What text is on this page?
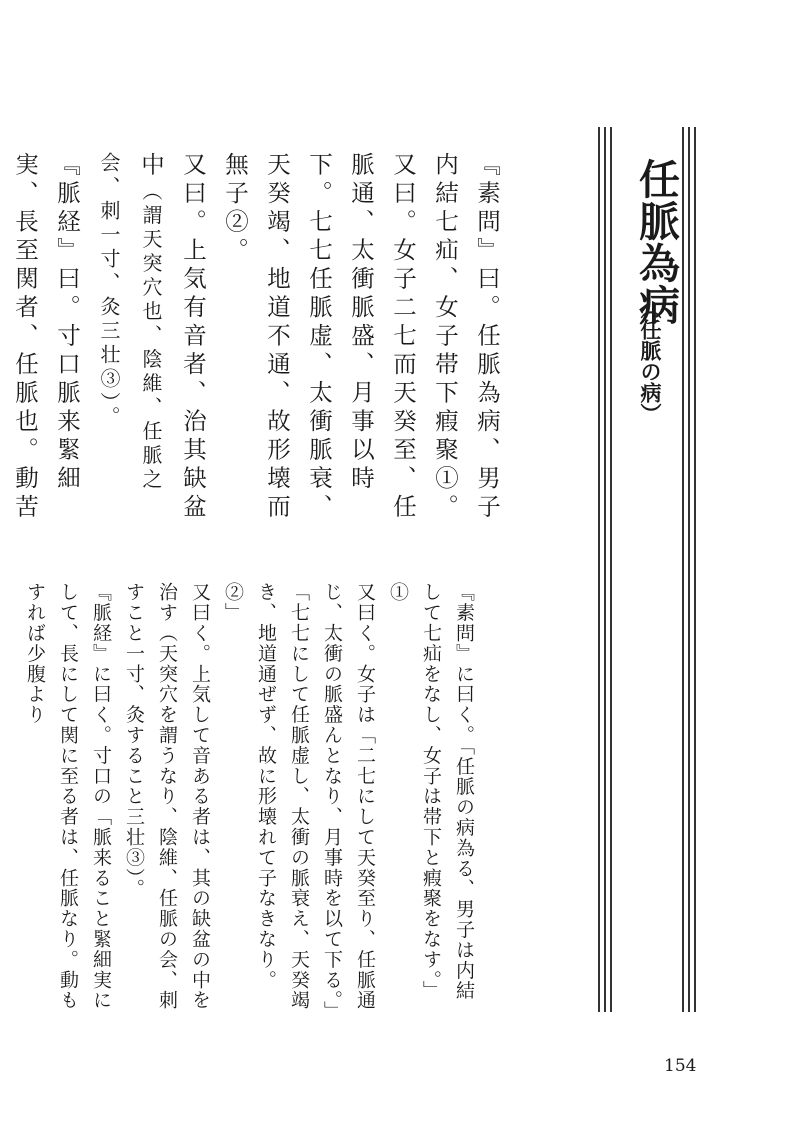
任脈為病
（任脈の病）
『素問』曰。任脈為病、男子内結七疝、女子帯下瘕聚①。
又曰。女子二七而天癸至、任脈通、太衝脈盛、月事以時下。七七任脈虚、太衝脈衰、天癸竭、地道不通、故形壊而無子②。
又曰。上気有音者、治其缺盆中（謂天突穴也、陰維、任脈之会、刺一寸、灸三壮③）。
『脈経』曰。寸口脈来緊細実、長至関者、任脈也。動苦
『素問』に曰く。「任脈の病為る、男子は内結して七疝をなし、女子は帯下と瘕聚をなす。」①
又曰く。女子は「二七にして天癸至り、任脈通じ、太衝の脈盛んとなり、月事時を以て下る。」「七七にして任脈虚し、太衝の脈衰え、天癸竭き、地道通ぜず、故に形壊れて子なきなり。②」
又曰く。上気して音ある者は、其の缺盆の中を治す（天突穴を謂うなり、陰維、任脈の会、刺すこと一寸、灸すること三壮③）。
『脈経』に曰く。寸口の「脈来ること緊細実にして、長にして関に至る者は、任脈なり。動もすれば少腹より
154
